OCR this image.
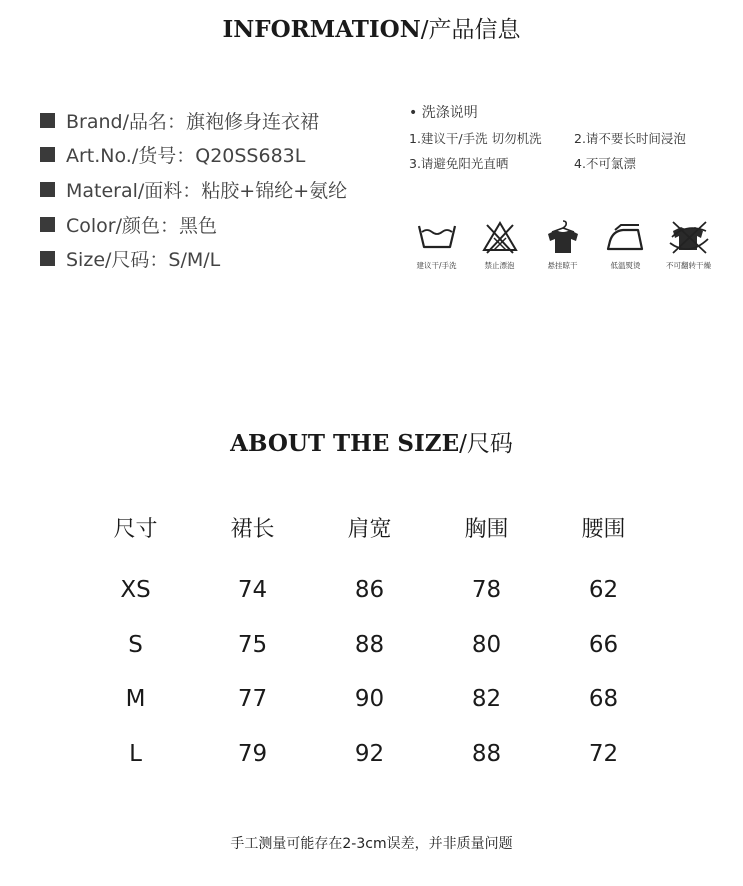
INFORMATION/产品信息
Brand/品名：旗袍修身连衣裙
Art.No./货号：Q20SS683L
Materal/面料：粘胶+锦纶+氨纶
Color/颜色：黑色
Size/尺码：S/M/L
• 洗涤说明
1.建议干/手洗 切勿机洗	2.请不要长时间浸泡
3.请避免阳光直晒	4.不可氯漂
建议干/手洗	禁止漂泡	悬挂晾干	低温熨烫	不可翻转干燥
ABOUT THE SIZE/尺码
尺寸	裙长	肩宽	胸围	腰围
XS	74	86	78	62
S	75	88	80	66
M	77	90	82	68
L	79	92	88	72
手工测量可能存在2-3cm误差，并非质量问题
